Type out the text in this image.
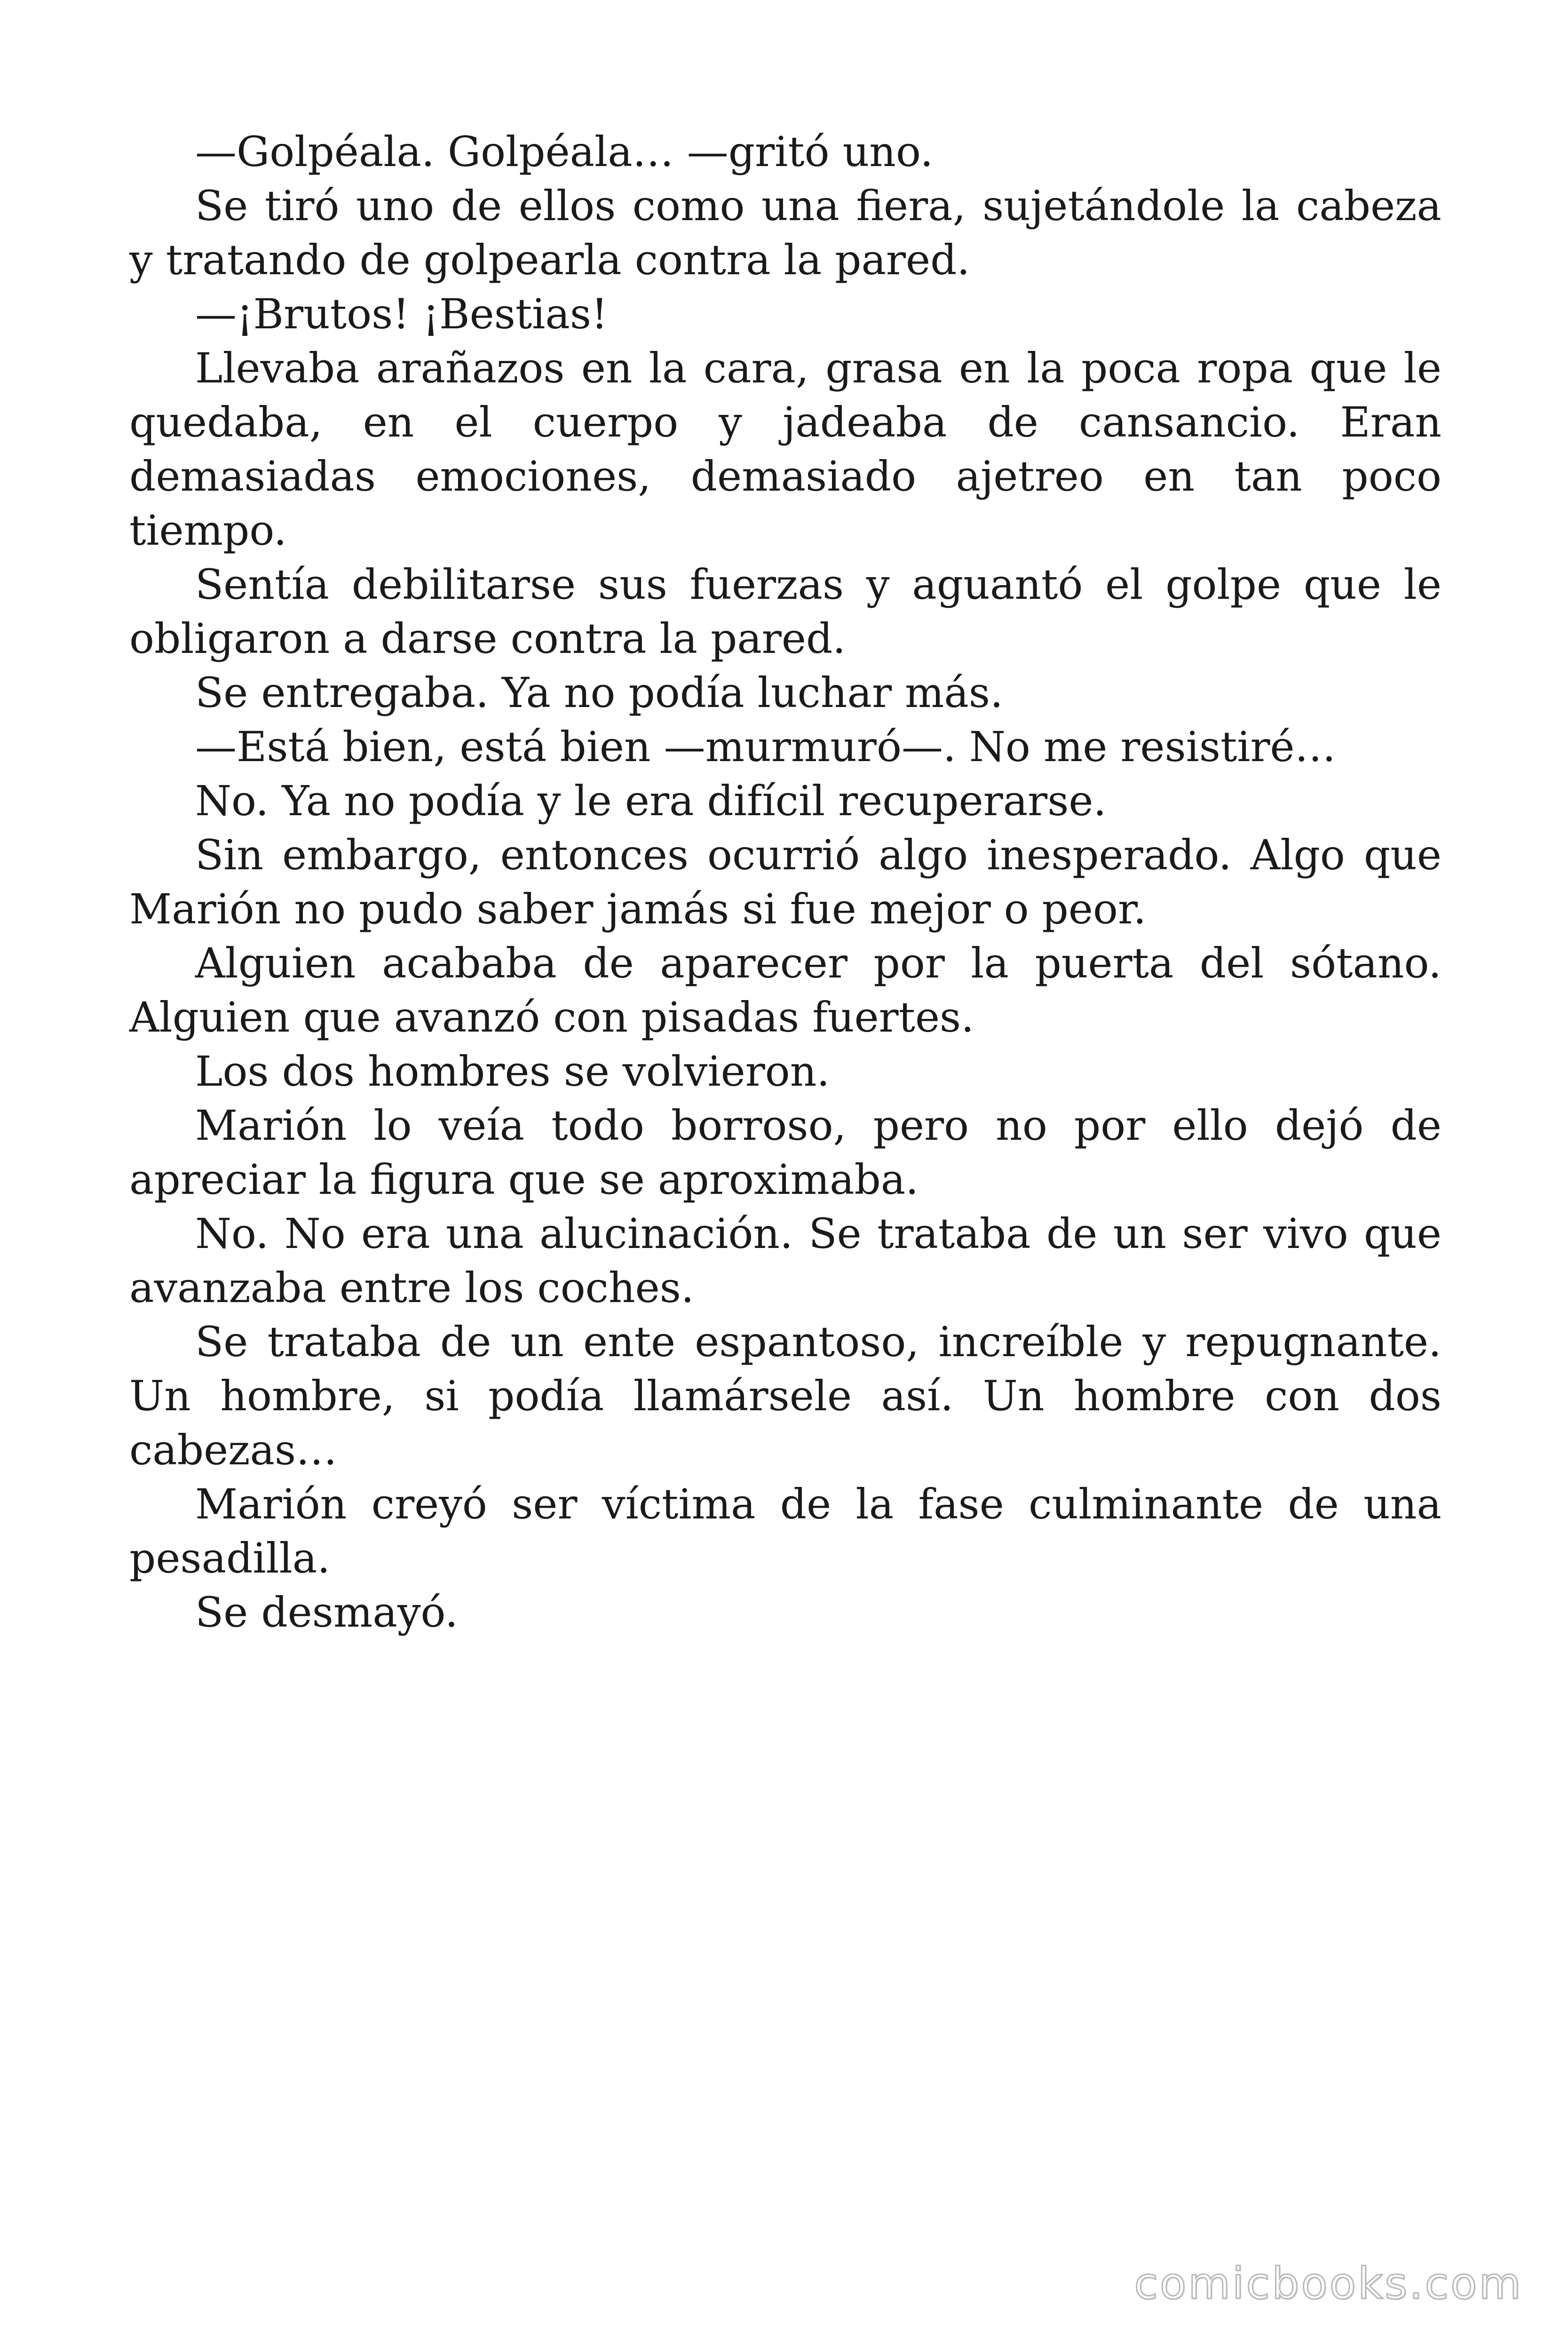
—Golpéala. Golpéala… —gritó uno.

Se tiró uno de ellos como una fiera, sujetándole la cabeza y tratando de golpearla contra la pared.

—¡Brutos! ¡Bestias!

Llevaba arañazos en la cara, grasa en la poca ropa que le quedaba, en el cuerpo y jadeaba de cansancio. Eran demasiadas emociones, demasiado ajetreo en tan poco tiempo.

Sentía debilitarse sus fuerzas y aguantó el golpe que le obligaron a darse contra la pared.

Se entregaba. Ya no podía luchar más.

—Está bien, está bien —murmuró—. No me resistiré…

No. Ya no podía y le era difícil recuperarse.

Sin embargo, entonces ocurrió algo inesperado. Algo que Marión no pudo saber jamás si fue mejor o peor.

Alguien acababa de aparecer por la puerta del sótano. Alguien que avanzó con pisadas fuertes.

Los dos hombres se volvieron.

Marión lo veía todo borroso, pero no por ello dejó de apreciar la figura que se aproximaba.

No. No era una alucinación. Se trataba de un ser vivo que avanzaba entre los coches.

Se trataba de un ente espantoso, increíble y repugnante. Un hombre, si podía llamársele así. Un hombre con dos cabezas…

Marión creyó ser víctima de la fase culminante de una pesadilla.

Se desmayó.

comicbooks.com
